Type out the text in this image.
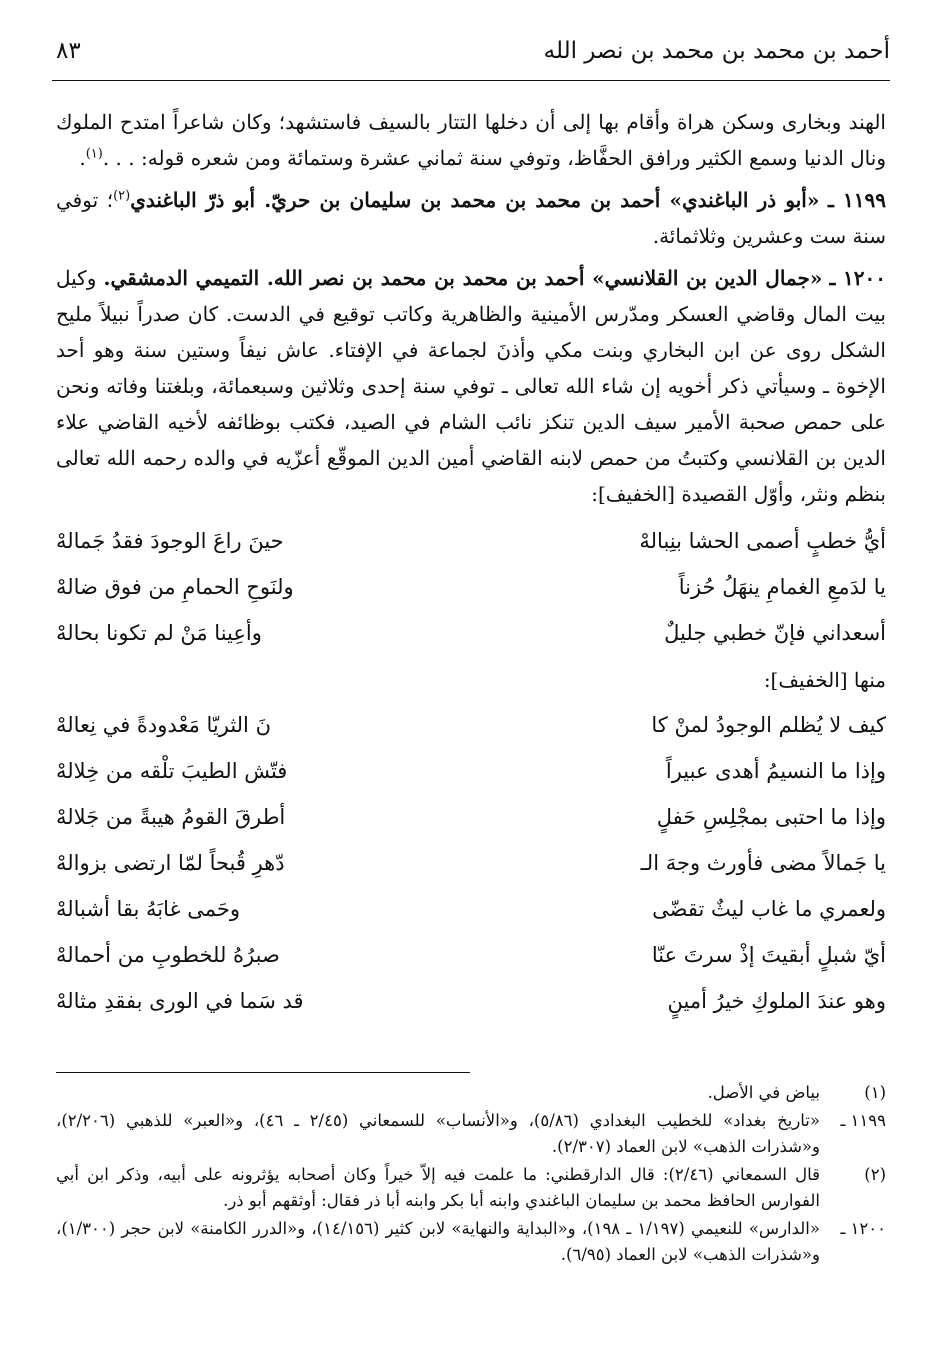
أحمد بن محمد بن محمد بن نصر الله
٨٣

الهند وبخارى وسكن هراة وأقام بها إلى أن دخلها التتار بالسيف فاستشهد؛ وكان شاعراً امتدح الملوك ونال الدنيا وسمع الكثير ورافق الحفَّاظ، وتوفي سنة ثماني عشرة وستمائة ومن شعره قوله: . . .$^{(١)}$.

١١٩٩ ـ «أبو ذر الباغندي» أحمد بن محمد بن محمد بن سليمان بن حريّ. أبو ذرّ الباغندي$^{(٢)}$؛ توفي سنة ست وعشرين وثلاثمائة.

١٢٠٠ ـ «جمال الدين بن القلانسي» أحمد بن محمد بن محمد بن نصر الله. التميمي الدمشقي. وكيل بيت المال وقاضي العسكر ومدّرس الأمينية والظاهرية وكاتب توقيع في الدست. كان صدراً نبيلاً مليح الشكل روى عن ابن البخاري وبنت مكي وأذنَ لجماعة في الإفتاء. عاش نيفاً وستين سنة وهو أحد الإخوة ـ وسيأتي ذكر أخويه إن شاء الله تعالى ـ توفي سنة إحدى وثلاثين وسبعمائة، وبلغتنا وفاته ونحن على حمص صحبة الأمير سيف الدين تنكز نائب الشام في الصيد، فكتب بوظائفه لأخيه القاضي علاء الدين بن القلانسي وكتبتُ من حمص لابنه القاضي أمين الدين الموقّع أعزّيه في والده رحمه الله تعالى بنظم ونثر، وأوّل القصيدة [الخفيف]:

أيُّ خطبٍ أصمى الحشا بنِبالهْ
حينَ راعَ الوجودَ فقدُ جَمالهْ
يا لدَمعِ الغمامِ ينهَلُ حُزناً
ولنَوحِ الحمامِ من فوق ضالهْ
أسعداني فإنّ خطبي جليلٌ
وأعِينا مَنْ لم تكونا بحالهْ

منها [الخفيف]:

كيف لا يُظلم الوجودُ لمنْ كا
نَ الثريّا مَعْدودةً في نِعالهْ
وإذا ما النسيمُ أهدى عبيراً
فتّش الطيبَ تلْقه من خِلالهْ
وإذا ما احتبى بمجْلِسِ حَفلٍ
أطرقَ القومُ هيبةً من جَلالهْ
يا جَمالاً مضى فأورث وجهَ الـ
دّهرِ قُبحاً لمّا ارتضى بزوالهْ
ولعمري ما غاب ليثٌ تقضّى
وحَمى غابَهُ بقا أشبالهْ
أيّ شبلٍ أبقيتَ إذْ سرتَ عنّا
صبرُهُ للخطوبِ من أحمالهْ
وهو عندَ الملوكِ خيرُ أمينٍ
قد سَما في الورى بفقدِ مثالهْ
(١)
بياض في الأصل.
١١٩٩ ـ
«تاريخ بغداد» للخطيب البغدادي (٥/٨٦)، و«الأنساب» للسمعاني (٢/٤٥ ـ ٤٦)، و«العبر» للذهبي (٢/٢٠٦)، و«شذرات الذهب» لابن العماد (٢/٣٠٧).
(٢)
قال السمعاني (٢/٤٦): قال الدارقطني: ما علمت فيه إلاّ خيراً وكان أصحابه يؤثرونه على أبيه، وذكر ابن أبي الفوارس الحافظ محمد بن سليمان الباغندي وابنه أبا بكر وابنه أبا ذر فقال: أوثقهم أبو ذر.
١٢٠٠ ـ
«الدارس» للنعيمي (١/١٩٧ ـ ١٩٨)، و«البداية والنهاية» لابن كثير (١٤/١٥٦)، و«الدرر الكامنة» لابن حجر (١/٣٠٠)، و«شذرات الذهب» لابن العماد (٦/٩٥).
